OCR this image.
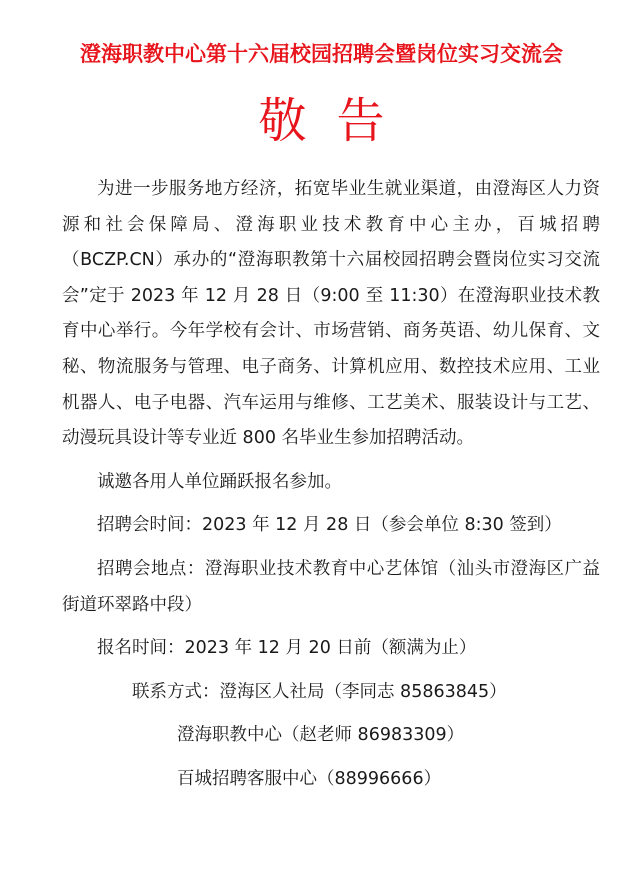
澄海职教中心第十六届校园招聘会暨岗位实习交流会
敬告

为进一步服务地方经济，拓宽毕业生就业渠道，由澄海区人力资源和社会保障局、澄海职业技术教育中心主办，百城招聘（BCZP.CN）承办的“澄海职教第十六届校园招聘会暨岗位实习交流会”定于 2023 年 12 月 28 日（9:00 至 11:30）在澄海职业技术教育中心举行。今年学校有会计、市场营销、商务英语、幼儿保育、文秘、物流服务与管理、电子商务、计算机应用、数控技术应用、工业机器人、电子电器、汽车运用与维修、工艺美术、服装设计与工艺、动漫玩具设计等专业近 800 名毕业生参加招聘活动。

诚邀各用人单位踊跃报名参加。

招聘会时间：2023 年 12 月 28 日（参会单位 8:30 签到）

招聘会地点：澄海职业技术教育中心艺体馆（汕头市澄海区广益街道环翠路中段）

报名时间：2023 年 12 月 20 日前（额满为止）

联系方式：澄海区人社局（李同志 85863845）

澄海职教中心（赵老师 86983309）

百城招聘客服中心（88996666）
